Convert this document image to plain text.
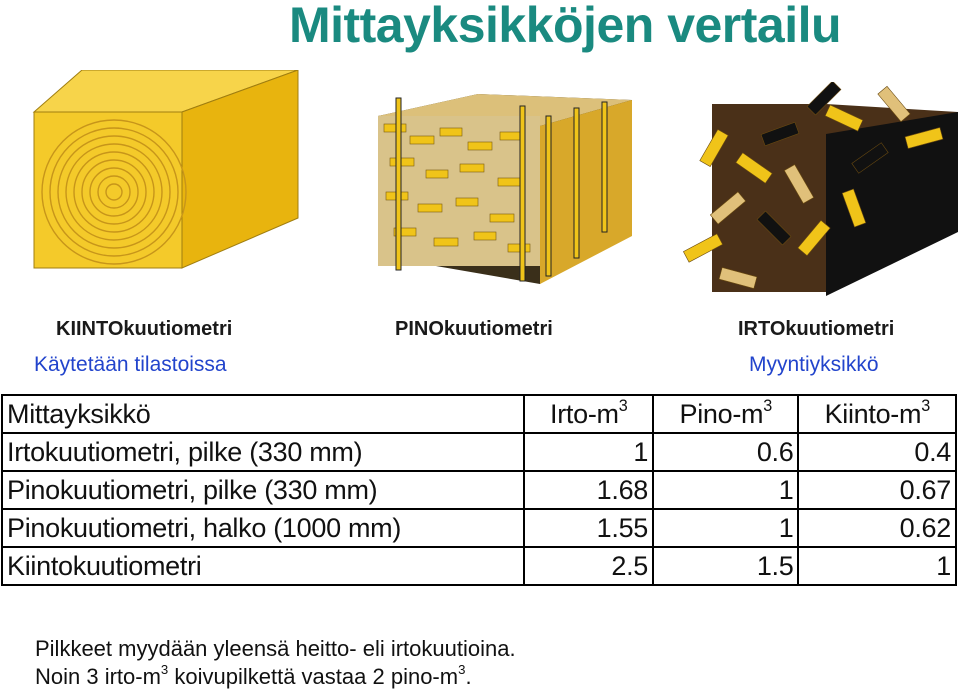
Mittayksikköjen vertailu
KIINTOkuutiometri
Käytetään tilastoissa
PINOkuutiometri	IRTOkuutiometri
Myyntiyksikkö
Mittayksikkö	Irto-$m^3$	Pino-$m^3$	Kiinto-$m^3$
Irtokuutiometri, pilke (330 mm)	1	0.6	0.4
Pinokuutiometri, pilke (330 mm)	1.68	1	0.67
Pinokuutiometri, halko (1000 mm)	1.55	1	0.62
Kiintokuutiometri	2.5	1.5	1
Pilkkeet myydään yleensä heitto- eli irtokuutioina.
Noin 3 irto-$m^3$ koivupilkettä vastaa 2 pino-$m^3$.
